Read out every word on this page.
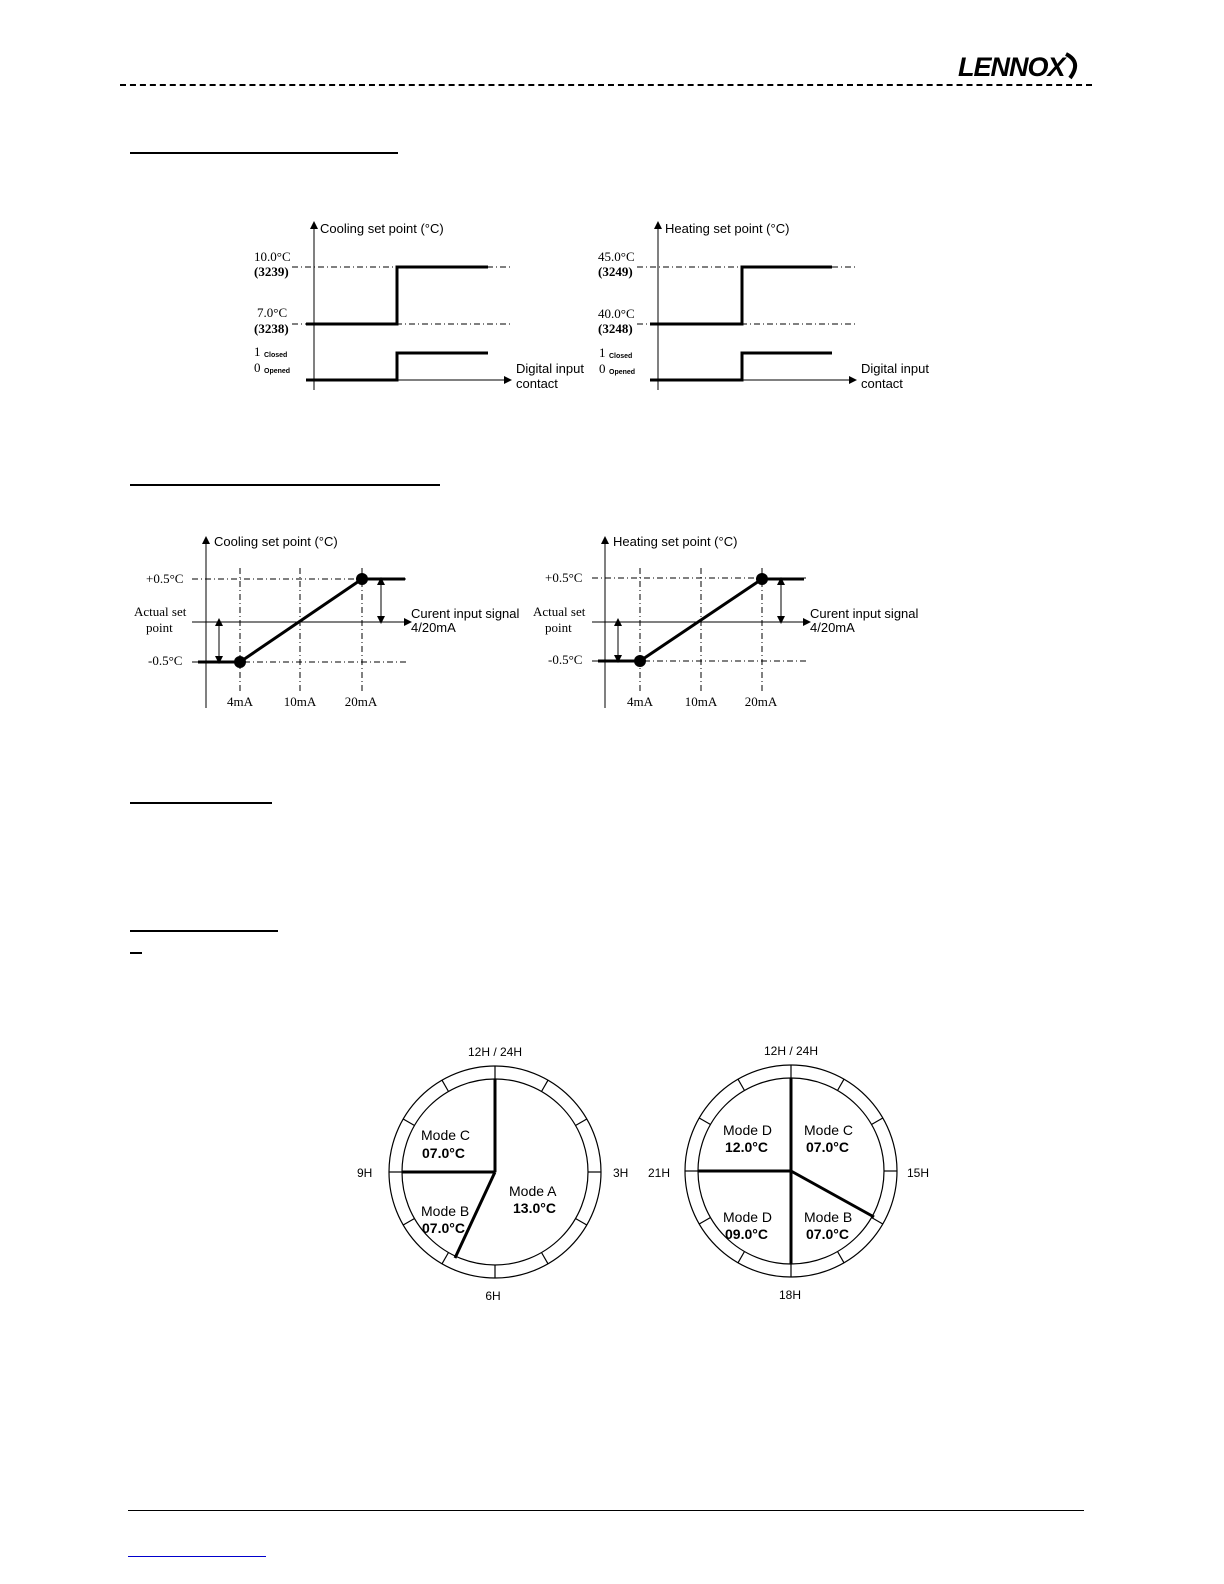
LENNOX
Cooling set point (°C)
10.0°C
(3239)
7.0°C
(3238)
1 Closed
0 Opened	Digital input
contact
Heating set point (°C)
45.0°C
(3249)
40.0°C
(3248)
1 Closed
0 Opened	Digital input
contact
Cooling set point (°C)
+0.5°C
-0.5°C
Actual set
point
Curent input signal
4/20mA
4mA 10mA 20mA
Heating set point (°C)
+0.5°C
-0.5°C
Actual set
point
Curent input signal
4/20mA
4mA 10mA 20mA
12H / 24H
3H
6H
9H
Mode C
07.0°C
Mode B
07.0°C
Mode A
13.0°C
12H / 24H
15H
18H
21H
Mode D
12.0°C
Mode C
07.0°C
Mode D
09.0°C
Mode B
07.0°C
